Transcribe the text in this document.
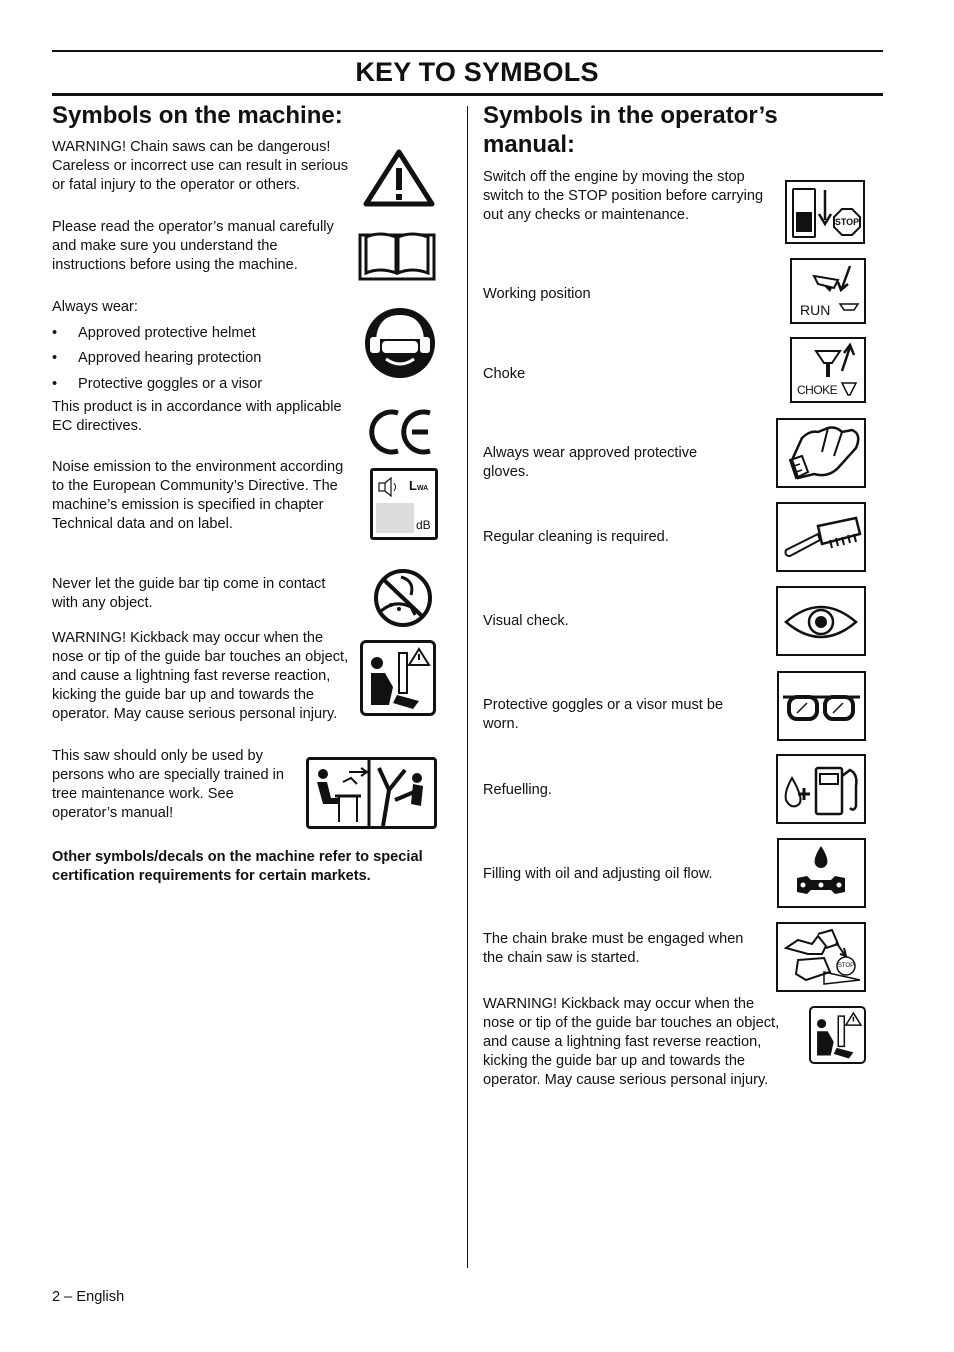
KEY TO SYMBOLS
Symbols on the machine:
WARNING! Chain saws can be dangerous! Careless or incorrect use can result in serious or fatal injury to the operator or others.
Please read the operator’s manual carefully and make sure you understand the instructions before using the machine.
Always wear:
• Approved protective helmet
• Approved hearing protection
• Protective goggles or a visor
This product is in accordance with applicable EC directives.
Noise emission to the environment according to the European Community’s Directive. The machine’s emission is specified in chapter Technical data and on label.
LWA
dB
Never let the guide bar tip come in contact with any object.
WARNING! Kickback may occur when the nose or tip of the guide bar touches an object, and cause a lightning fast reverse reaction, kicking the guide bar up and towards the operator. May cause serious personal injury.
This saw should only be used by persons who are specially trained in tree maintenance work. See operator’s manual!
Other symbols/decals on the machine refer to special certification requirements for certain markets.
Symbols in the operator’s manual:
Switch off the engine by moving the stop switch to the STOP position before carrying out any checks or maintenance.	STOP
Working position
RUN
Choke
CHOKE
Always wear approved protective gloves.
Regular cleaning is required.
Visual check.
Protective goggles or a visor must be worn.
Refuelling.
Filling with oil and adjusting oil flow.
The chain brake must be engaged when the chain saw is started.	STOP
WARNING! Kickback may occur when the nose or tip of the guide bar touches an object, and cause a lightning fast reverse reaction, kicking the guide bar up and towards the operator. May cause serious personal injury.
2 – English
